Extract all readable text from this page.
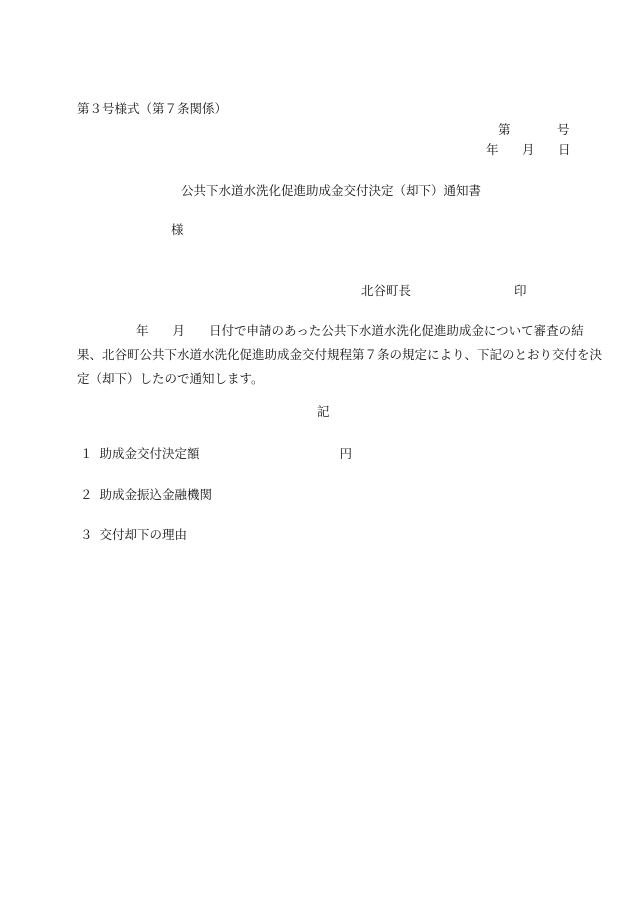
第３号様式（第７条関係）
第	号
年 月 日
公共下水道水洗化促進助成金交付決定（却下）通知書
様
北谷町長	印
年 月 日付で申請のあった公共下水道水洗化促進助成金について審査の結
果、北谷町公共下水道水洗化促進助成金交付規程第７条の規定により、下記のとおり交付を決
定（却下）したので通知します。
記
１ 助成金交付決定額	円
２ 助成金振込金融機関
３ 交付却下の理由
